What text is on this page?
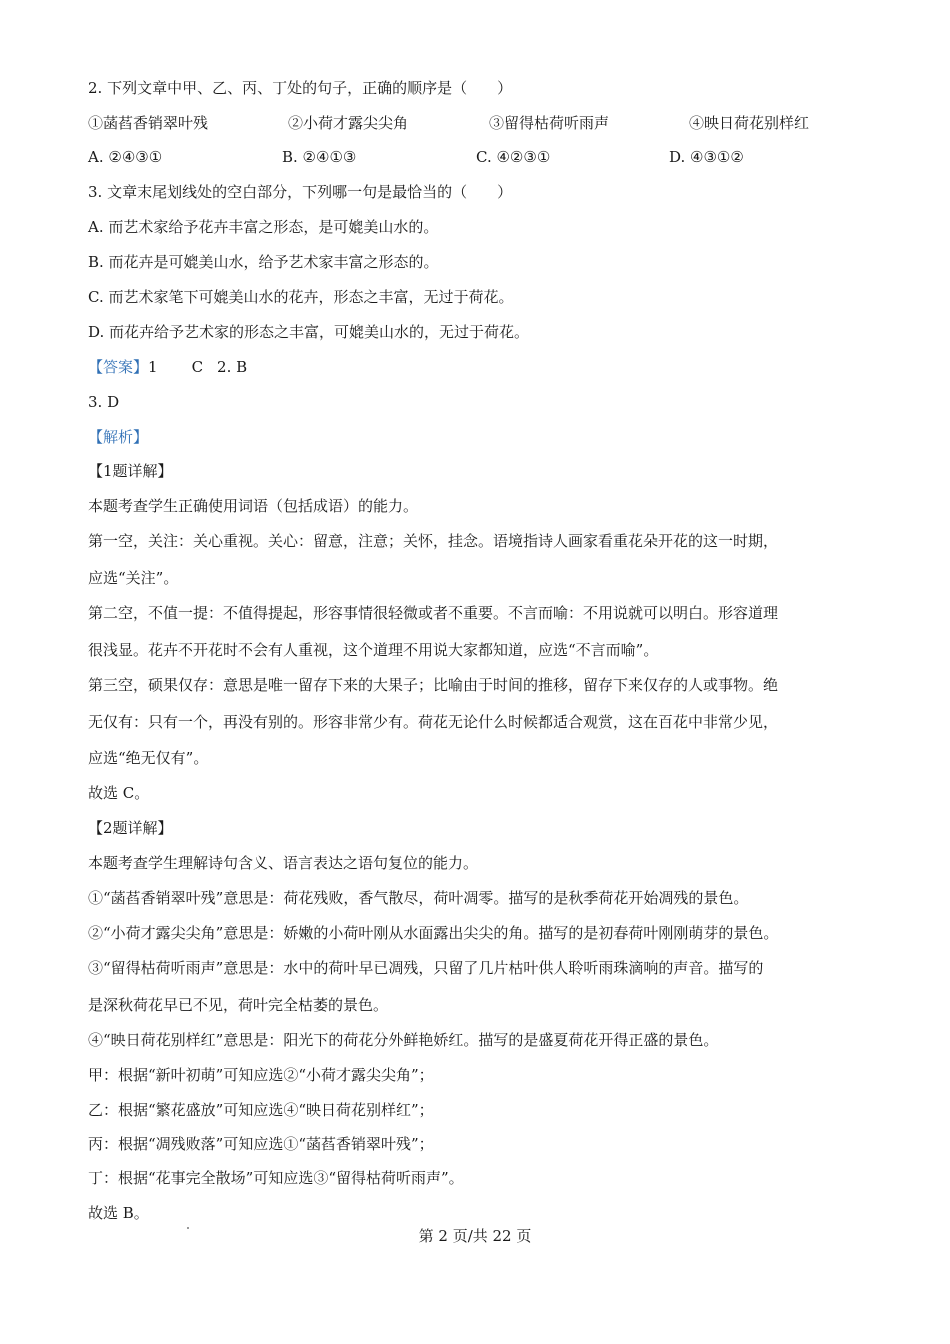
2. 下列文章中甲、乙、丙、丁处的句子，正确的顺序是（　　）
①菡萏香销翠叶残	②小荷才露尖尖角	③留得枯荷听雨声	④映日荷花别样红
A. ②④③①	B. ②④①③	C. ④②③①	D. ④③①②
3. 文章末尾划线处的空白部分，下列哪一句是最恰当的（　　）
A. 而艺术家给予花卉丰富之形态，是可媲美山水的。
B. 而花卉是可媲美山水，给予艺术家丰富之形态的。
C. 而艺术家笔下可媲美山水的花卉，形态之丰富，无过于荷花。
D. 而花卉给予艺术家的形态之丰富，可媲美山水的，无过于荷花。
【答案】1 C 2. B
3. D
【解析】
【1题详解】
本题考查学生正确使用词语（包括成语）的能力。
第一空，关注：关心重视。关心：留意，注意；关怀，挂念。语境指诗人画家看重花朵开花的这一时期，
应选“关注”。
第二空，不值一提：不值得提起，形容事情很轻微或者不重要。不言而喻：不用说就可以明白。形容道理
很浅显。花卉不开花时不会有人重视，这个道理不用说大家都知道，应选“不言而喻”。
第三空，硕果仅存：意思是唯一留存下来的大果子；比喻由于时间的推移，留存下来仅存的人或事物。绝
无仅有：只有一个，再没有别的。形容非常少有。荷花无论什么时候都适合观赏，这在百花中非常少见，
应选“绝无仅有”。
故选 C。
【2题详解】
本题考查学生理解诗句含义、语言表达之语句复位的能力。
①“菡萏香销翠叶残”意思是：荷花残败，香气散尽，荷叶凋零。描写的是秋季荷花开始凋残的景色。
②“小荷才露尖尖角”意思是：娇嫩的小荷叶刚从水面露出尖尖的角。描写的是初春荷叶刚刚萌芽的景色。
③“留得枯荷听雨声”意思是：水中的荷叶早已凋残，只留了几片枯叶供人聆听雨珠滴响的声音。描写的
是深秋荷花早已不见，荷叶完全枯萎的景色。
④“映日荷花别样红”意思是：阳光下的荷花分外鲜艳娇红。描写的是盛夏荷花开得正盛的景色。
甲：根据“新叶初萌”可知应选②“小荷才露尖尖角”；
乙：根据“繁花盛放”可知应选④“映日荷花别样红”；
丙：根据“凋残败落”可知应选①“菡萏香销翠叶残”；
丁：根据“花事完全散场”可知应选③“留得枯荷听雨声”。
故选 B。
第 2 页/共 22 页
